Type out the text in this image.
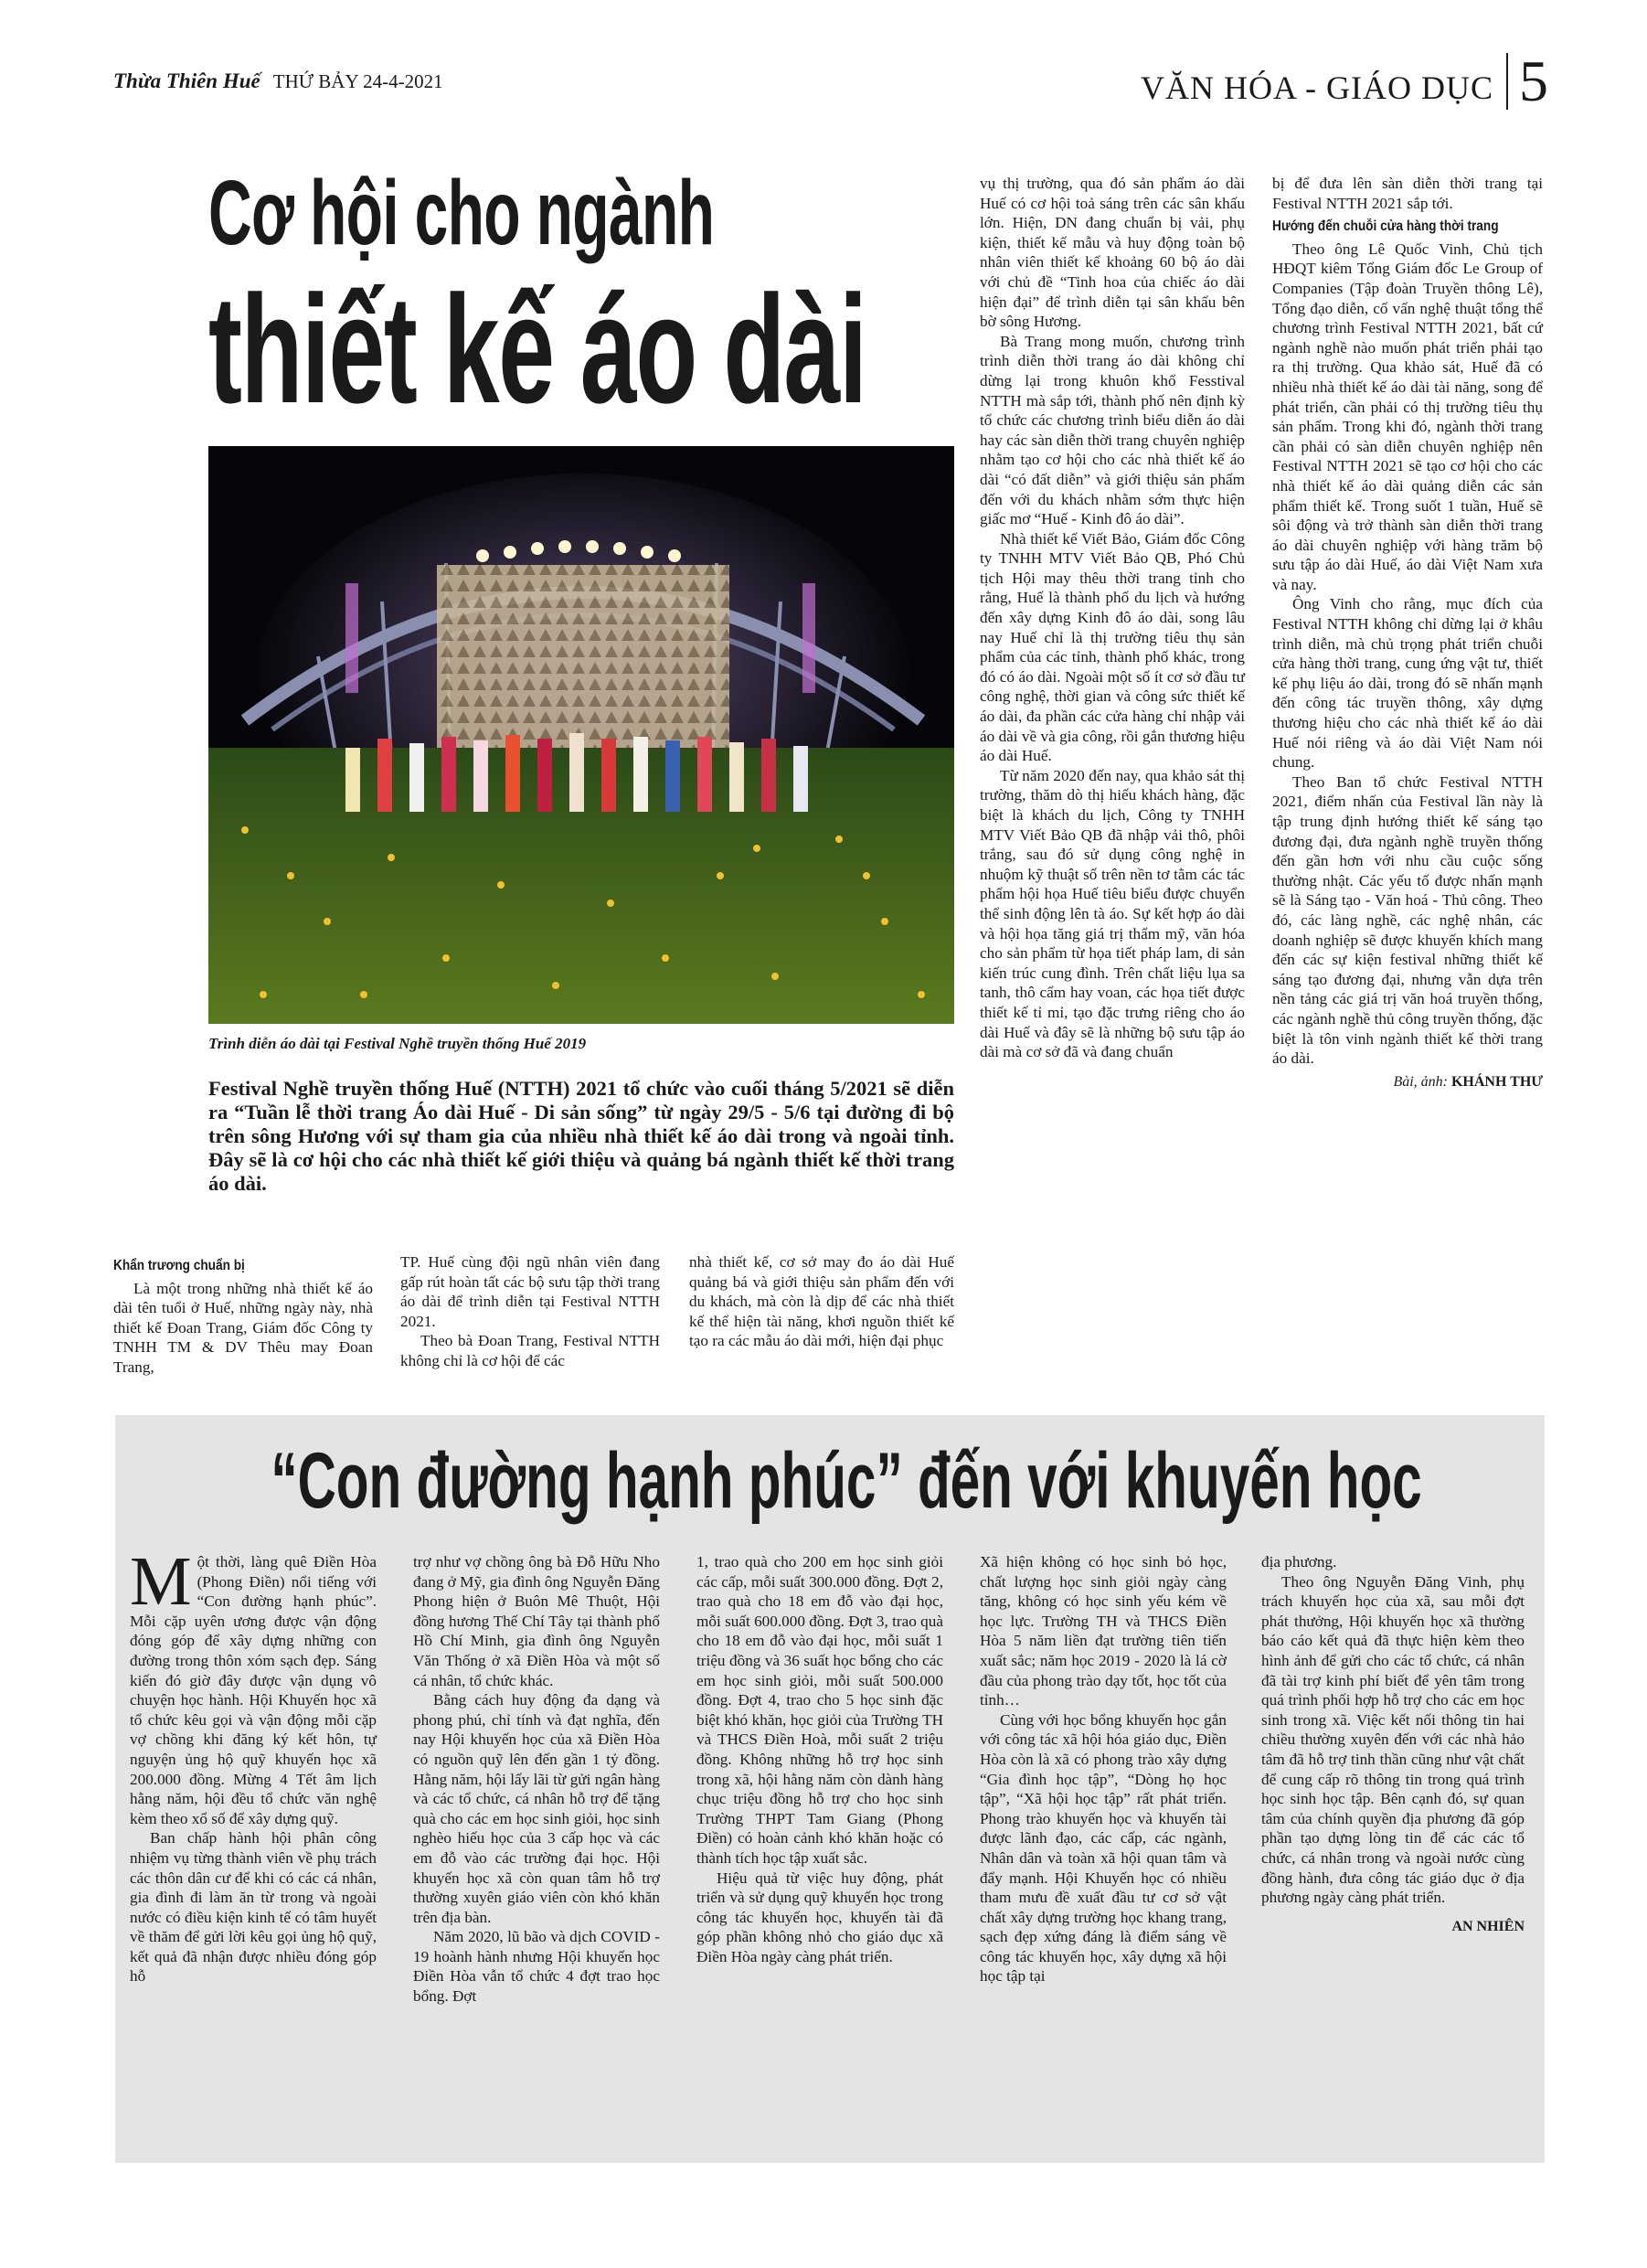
Thừa Thiên Huế THỨ BẢY 24-4-2021	VĂN HÓA - GIÁO DỤC 5
Cơ hội cho ngành
thiết kế áo dài
Trình diễn áo dài tại Festival Nghề truyền thống Huế 2019

Festival Nghề truyền thống Huế (NTTH) 2021 tổ chức vào cuối tháng 5/2021 sẽ diễn ra “Tuần lễ thời trang Áo dài Huế - Di sản sống” từ ngày 29/5 - 5/6 tại đường đi bộ trên sông Hương với sự tham gia của nhiều nhà thiết kế áo dài trong và ngoài tỉnh. Đây sẽ là cơ hội cho các nhà thiết kế giới thiệu và quảng bá ngành thiết kế thời trang áo dài.

Khẩn trương chuẩn bị

Là một trong những nhà thiết kế áo dài tên tuổi ở Huế, những ngày này, nhà thiết kế Đoan Trang, Giám đốc Công ty TNHH TM & DV Thêu may Đoan Trang,

TP. Huế cùng đội ngũ nhân viên đang gấp rút hoàn tất các bộ sưu tập thời trang áo dài để trình diễn tại Festival NTTH 2021.

Theo bà Đoan Trang, Festival NTTH không chỉ là cơ hội để các

nhà thiết kế, cơ sở may đo áo dài Huế quảng bá và giới thiệu sản phẩm đến với du khách, mà còn là dịp để các nhà thiết kế thể hiện tài năng, khơi nguồn thiết kế tạo ra các mẫu áo dài mới, hiện đại phục

vụ thị trường, qua đó sản phẩm áo dài Huế có cơ hội toả sáng trên các sân khấu lớn. Hiện, DN đang chuẩn bị vải, phụ kiện, thiết kế mẫu và huy động toàn bộ nhân viên thiết kế khoảng 60 bộ áo dài với chủ đề “Tinh hoa của chiếc áo dài hiện đại” để trình diễn tại sân khấu bên bờ sông Hương.

Bà Trang mong muốn, chương trình trình diễn thời trang áo dài không chỉ dừng lại trong khuôn khổ Fesstival NTTH mà sắp tới, thành phố nên định kỳ tổ chức các chương trình biểu diễn áo dài hay các sàn diễn thời trang chuyên nghiệp nhằm tạo cơ hội cho các nhà thiết kế áo dài “có đất diễn” và giới thiệu sản phẩm đến với du khách nhằm sớm thực hiện giấc mơ “Huế - Kinh đô áo dài”.

Nhà thiết kế Viết Bảo, Giám đốc Công ty TNHH MTV Viết Bảo QB, Phó Chủ tịch Hội may thêu thời trang tỉnh cho rằng, Huế là thành phố du lịch và hướng đến xây dựng Kinh đô áo dài, song lâu nay Huế chỉ là thị trường tiêu thụ sản phẩm của các tỉnh, thành phố khác, trong đó có áo dài. Ngoài một số ít cơ sở đầu tư công nghệ, thời gian và công sức thiết kế áo dài, đa phần các cửa hàng chỉ nhập vải áo dài về và gia công, rồi gắn thương hiệu áo dài Huế.

Từ năm 2020 đến nay, qua khảo sát thị trường, thăm dò thị hiếu khách hàng, đặc biệt là khách du lịch, Công ty TNHH MTV Viết Bảo QB đã nhập vải thô, phôi trắng, sau đó sử dụng công nghệ in nhuộm kỹ thuật số trên nền tơ tằm các tác phẩm hội họa Huế tiêu biểu được chuyển thể sinh động lên tà áo. Sự kết hợp áo dài và hội họa tăng giá trị thẩm mỹ, văn hóa cho sản phẩm từ họa tiết pháp lam, di sản kiến trúc cung đình. Trên chất liệu lụa sa tanh, thô cẩm hay voan, các họa tiết được thiết kế tỉ mỉ, tạo đặc trưng riêng cho áo dài Huế và đây sẽ là những bộ sưu tập áo dài mà cơ sở đã và đang chuẩn

bị để đưa lên sàn diễn thời trang tại Festival NTTH 2021 sắp tới.

Hướng đến chuỗi cửa hàng thời trang

Theo ông Lê Quốc Vinh, Chủ tịch HĐQT kiêm Tổng Giám đốc Le Group of Companies (Tập đoàn Truyền thông Lê), Tổng đạo diễn, cố vấn nghệ thuật tổng thể chương trình Festival NTTH 2021, bất cứ ngành nghề nào muốn phát triển phải tạo ra thị trường. Qua khảo sát, Huế đã có nhiều nhà thiết kế áo dài tài năng, song để phát triển, cần phải có thị trường tiêu thụ sản phẩm. Trong khi đó, ngành thời trang cần phải có sàn diễn chuyên nghiệp nên Festival NTTH 2021 sẽ tạo cơ hội cho các nhà thiết kế áo dài quảng diễn các sản phẩm thiết kế. Trong suốt 1 tuần, Huế sẽ sôi động và trở thành sàn diễn thời trang áo dài chuyên nghiệp với hàng trăm bộ sưu tập áo dài Huế, áo dài Việt Nam xưa và nay.

Ông Vinh cho rằng, mục đích của Festival NTTH không chỉ dừng lại ở khâu trình diễn, mà chủ trọng phát triển chuỗi cửa hàng thời trang, cung ứng vật tư, thiết kế phụ liệu áo dài, trong đó sẽ nhấn mạnh đến công tác truyền thông, xây dựng thương hiệu cho các nhà thiết kế áo dài Huế nói riêng và áo dài Việt Nam nói chung.

Theo Ban tổ chức Festival NTTH 2021, điểm nhấn của Festival lần này là tập trung định hướng thiết kế sáng tạo đương đại, đưa ngành nghề truyền thống đến gần hơn với nhu cầu cuộc sống thường nhật. Các yếu tố được nhấn mạnh sẽ là Sáng tạo - Văn hoá - Thủ công. Theo đó, các làng nghề, các nghệ nhân, các doanh nghiệp sẽ được khuyến khích mang đến các sự kiện festival những thiết kế sáng tạo đương đại, nhưng vẫn dựa trên nền tảng các giá trị văn hoá truyền thống, các ngành nghề thủ công truyền thống, đặc biệt là tôn vinh ngành thiết kế thời trang áo dài.

Bài, ảnh: KHÁNH THƯ
“Con đường hạnh phúc” đến với khuyến học

Một thời, làng quê Điền Hòa (Phong Điền) nổi tiếng với “Con đường hạnh phúc”. Mỗi cặp uyên ương được vận động đóng góp để xây dựng những con đường trong thôn xóm sạch đẹp. Sáng kiến đó giờ đây được vận dụng vô chuyện học hành. Hội Khuyến học xã tổ chức kêu gọi và vận động mỗi cặp vợ chồng khi đăng ký kết hôn, tự nguyện ủng hộ quỹ khuyến học xã 200.000 đồng. Mừng 4 Tết âm lịch hằng năm, hội đều tổ chức văn nghệ kèm theo xổ số để xây dựng quỹ.

Ban chấp hành hội phân công nhiệm vụ từng thành viên về phụ trách các thôn dân cư để khi có các cá nhân, gia đình đi làm ăn từ trong và ngoài nước có điều kiện kinh tế có tâm huyết về thăm để gửi lời kêu gọi ủng hộ quỹ, kết quả đã nhận được nhiều đóng góp hỗ

trợ như vợ chồng ông bà Đỗ Hữu Nho đang ở Mỹ, gia đình ông Nguyễn Đăng Phong hiện ở Buôn Mê Thuột, Hội đồng hương Thế Chí Tây tại thành phố Hồ Chí Minh, gia đình ông Nguyễn Văn Thống ở xã Điền Hòa và một số cá nhân, tổ chức khác.

Bằng cách huy động đa dạng và phong phú, chỉ tính và đạt nghĩa, đến nay Hội khuyến học của xã Điền Hòa có nguồn quỹ lên đến gần 1 tỷ đồng. Hằng năm, hội lấy lãi từ gửi ngân hàng và các tổ chức, cá nhân hỗ trợ để tặng quà cho các em học sinh giỏi, học sinh nghèo hiếu học của 3 cấp học và các em đỗ vào các trường đại học. Hội khuyến học xã còn quan tâm hỗ trợ thường xuyên giáo viên còn khó khăn trên địa bàn.

Năm 2020, lũ bão và dịch COVID - 19 hoành hành nhưng Hội khuyến học Điền Hòa vẫn tổ chức 4 đợt trao học bổng. Đợt

1, trao quà cho 200 em học sinh giỏi các cấp, mỗi suất 300.000 đồng. Đợt 2, trao quà cho 18 em đỗ vào đại học, mỗi suất 600.000 đồng. Đợt 3, trao quà cho 18 em đỗ vào đại học, mỗi suất 1 triệu đồng và 36 suất học bổng cho các em học sinh giỏi, mỗi suất 500.000 đồng. Đợt 4, trao cho 5 học sinh đặc biệt khó khăn, học giỏi của Trường TH và THCS Điền Hoà, mỗi suất 2 triệu đồng. Không những hỗ trợ học sinh trong xã, hội hằng năm còn dành hàng chục triệu đồng hỗ trợ cho học sinh Trường THPT Tam Giang (Phong Điền) có hoàn cảnh khó khăn hoặc có thành tích học tập xuất sắc.

Hiệu quả từ việc huy động, phát triển và sử dụng quỹ khuyến học trong công tác khuyến học, khuyến tài đã góp phần không nhỏ cho giáo dục xã Điền Hòa ngày càng phát triển.

Xã hiện không có học sinh bỏ học, chất lượng học sinh giỏi ngày càng tăng, không có học sinh yếu kém về học lực. Trường TH và THCS Điền Hòa 5 năm liền đạt trường tiên tiến xuất sắc; năm học 2019 - 2020 là lá cờ đầu của phong trào dạy tốt, học tốt của tỉnh…

Cùng với học bổng khuyến học gắn với công tác xã hội hóa giáo dục, Điền Hòa còn là xã có phong trào xây dựng “Gia đình học tập”, “Dòng họ học tập”, “Xã hội học tập” rất phát triển. Phong trào khuyến học và khuyến tài được lãnh đạo, các cấp, các ngành, Nhân dân và toàn xã hội quan tâm và đẩy mạnh. Hội Khuyến học có nhiều tham mưu đề xuất đầu tư cơ sở vật chất xây dựng trường học khang trang, sạch đẹp xứng đáng là điểm sáng về công tác khuyến học, xây dựng xã hội học tập tại

địa phương.

Theo ông Nguyễn Đăng Vinh, phụ trách khuyến học của xã, sau mỗi đợt phát thưởng, Hội khuyến học xã thường báo cáo kết quả đã thực hiện kèm theo hình ảnh để gửi cho các tổ chức, cá nhân đã tài trợ kinh phí biết để yên tâm trong quá trình phối hợp hỗ trợ cho các em học sinh trong xã. Việc kết nối thông tin hai chiều thường xuyên đến với các nhà hảo tâm đã hỗ trợ tinh thần cũng như vật chất để cung cấp rõ thông tin trong quá trình học sinh học tập. Bên cạnh đó, sự quan tâm của chính quyền địa phương đã góp phần tạo dựng lòng tin để các các tổ chức, cá nhân trong và ngoài nước cùng đồng hành, đưa công tác giáo dục ở địa phương ngày càng phát triển.

AN NHIÊN
